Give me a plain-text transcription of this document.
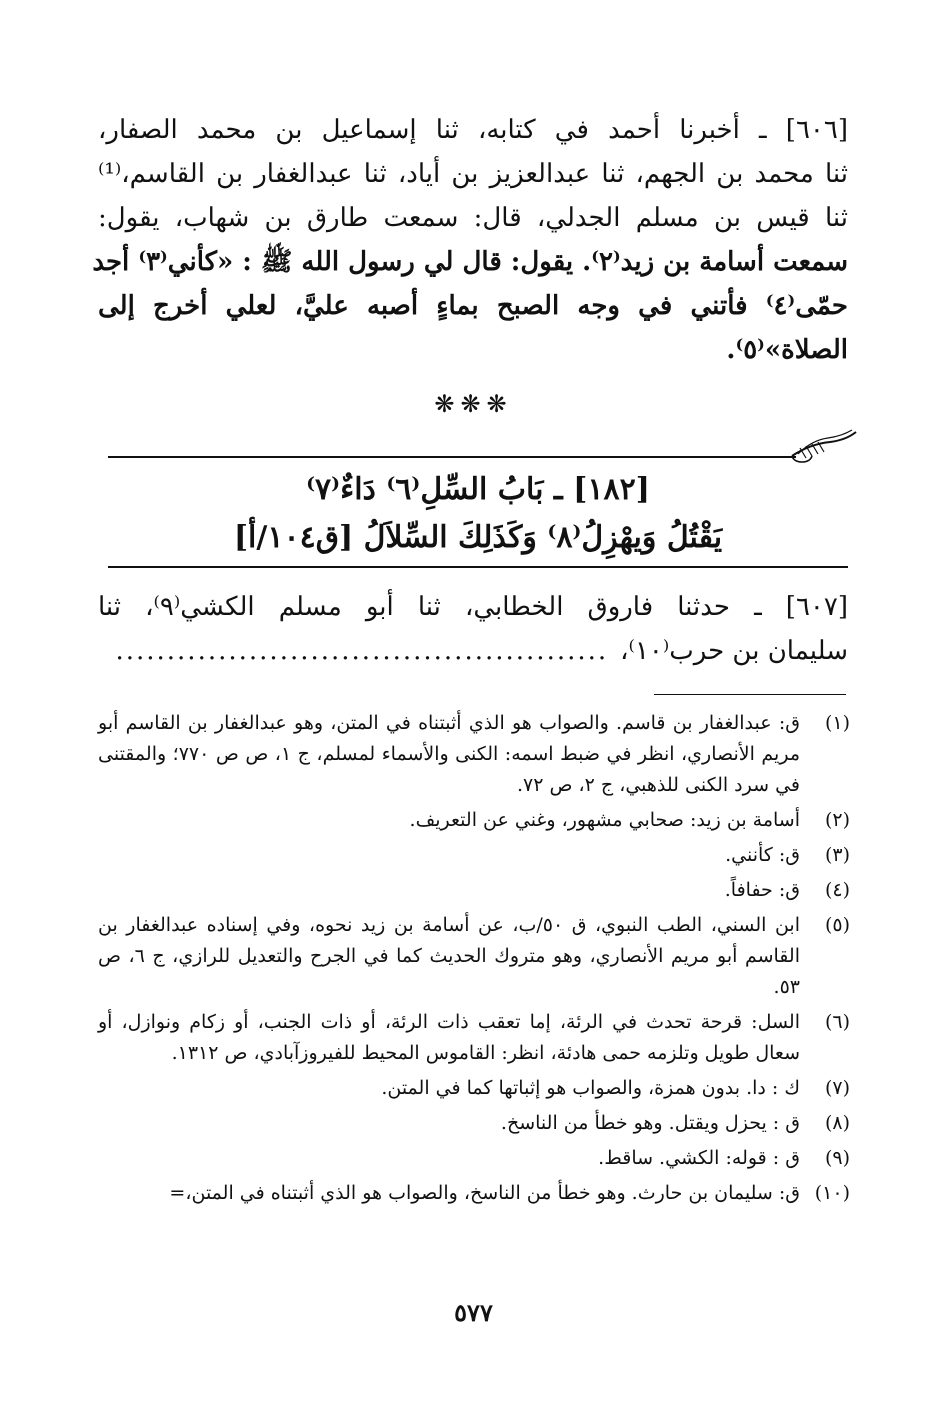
[٦٠٦] ـ أخبرنا أحمد في كتابه، ثنا إسماعيل بن محمد الصفار،
ثنا محمد بن الجهم، ثنا عبدالعزيز بن أياد، ثنا عبدالغفار بن القاسم،⁽¹⁾
ثنا قيس بن مسلم الجدلي، قال: سمعت طارق بن شهاب، يقول:
سمعت أسامة بن زيد⁽٢⁾. يقول: قال لي رسول الله ﷺ : «كأني⁽٣⁾ أجد
حمّى⁽٤⁾ فأتني في وجه الصبح بماءٍ أصبه عليَّ، لعلي أخرج إلى
الصلاة»⁽٥⁾.
❋❋❋
[١٨٢] ـ بَابُ السِّلِ⁽٦⁾ دَاءٌ⁽٧⁾
يَقْتُلُ وَيهْزِلُ⁽٨⁾ وَكَذَلِكَ السِّلاَلُ [ق١٠٤/أ]
[٦٠٧] ـ حدثنا فاروق الخطابي، ثنا أبو مسلم الكشي⁽٩⁾، ثنا
سليمان بن حرب⁽١٠⁾،................................................
(١)
ق: عبدالغفار بن قاسم. والصواب هو الذي أثبتناه في المتن، وهو عبدالغفار بن القاسم أبو مريم الأنصاري، انظر في ضبط اسمه: الكنى والأسماء لمسلم، ج ١، ص ص ٧٧٠؛ والمقتنى في سرد الكنى للذهبي، ج ٢، ص ٧٢.
(٢)
أسامة بن زيد: صحابي مشهور، وغني عن التعريف.
(٣)
ق: كأنني.
(٤)
ق: حفافاً.
(٥)
ابن السني، الطب النبوي، ق ٥٠/ب، عن أسامة بن زيد نحوه، وفي إسناده عبدالغفار بن القاسم أبو مريم الأنصاري، وهو متروك الحديث كما في الجرح والتعديل للرازي، ج ٦، ص ٥٣.
(٦)
السل: قرحة تحدث في الرئة، إما تعقب ذات الرئة، أو ذات الجنب، أو زكام ونوازل، أو سعال طويل وتلزمه حمى هادئة، انظر: القاموس المحيط للفيروزآبادي، ص ١٣١٢.
(٧)
ك : دا. بدون همزة، والصواب هو إثباتها كما في المتن.
(٨)
ق : يحزل ويقتل. وهو خطأ من الناسخ.
(٩)
ق : قوله: الكشي. ساقط.
(١٠)
ق: سليمان بن حارث. وهو خطأ من الناسخ، والصواب هو الذي أثبتناه في المتن،=
٥٧٧
